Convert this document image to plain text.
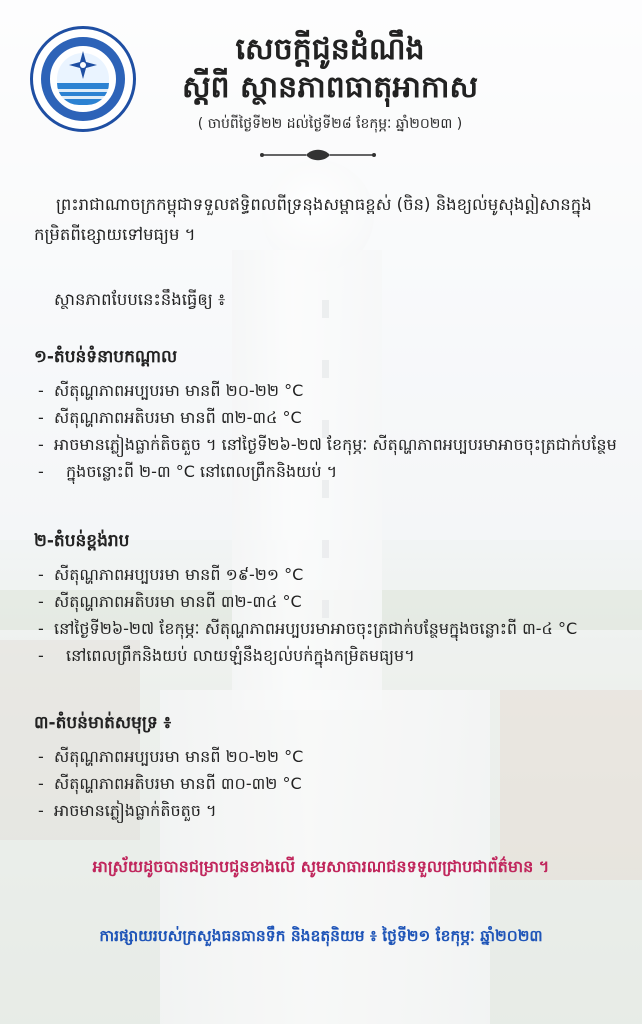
សេចក្តីជូនដំណឹង
ស្តីពី ស្ថានភាពធាតុអាកាស
( ចាប់ពីថ្ងៃទី២២ ដល់ថ្ងៃទី២៨ ខែកុម្ភៈ ឆ្នាំ២០២៣ )
ព្រះរាជាណាចក្រកម្ពុជាទទួលឥទ្ធិពលពីទ្រនុងសម្ពាធខ្ពស់ (ចិន) និងខ្យល់មូសុងឦសានក្នុងកម្រិតពីខ្សោយទៅមធ្យម ។
ស្ថានភាពបែបនេះនឹងធ្វើឲ្យ ៖
១-តំបន់ទំនាបកណ្តាល
- សីតុណ្ហភាពអប្បបរមា មានពី ២០-២២ °C
- សីតុណ្ហភាពអតិបរមា មានពី ៣២-៣៤ °C
- អាចមានភ្លៀងធ្លាក់តិចតួច ។ នៅថ្ងៃទី២៦-២៧ ខែកុម្ភៈ សីតុណ្ហភាពអប្បបរមាអាចចុះត្រជាក់បន្ថែម
- ក្នុងចន្លោះពី ២-៣ °C នៅពេលព្រឹកនិងយប់ ។
២-តំបន់ខ្ពង់រាប
- សីតុណ្ហភាពអប្បបរមា មានពី ១៩-២១ °C
- សីតុណ្ហភាពអតិបរមា មានពី ៣២-៣៤ °C
- នៅថ្ងៃទី២៦-២៧ ខែកុម្ភៈ សីតុណ្ហភាពអប្បបរមាអាចចុះត្រជាក់បន្ថែមក្នុងចន្លោះពី ៣-៤ °C
- នៅពេលព្រឹកនិងយប់ លាយឡំនឹងខ្យល់បក់ក្នុងកម្រិតមធ្យម។
៣-តំបន់មាត់សមុទ្រ ៖
- សីតុណ្ហភាពអប្បបរមា មានពី ២០-២២ °C
- សីតុណ្ហភាពអតិបរមា មានពី ៣០-៣២ °C
- អាចមានភ្លៀងធ្លាក់តិចតួច ។
អាស្រ័យដូចបានជម្រាបជូនខាងលើ សូមសាធារណជនទទួលជ្រាបជាព័ត៌មាន ។
ការផ្សាយរបស់ក្រសួងធនធានទឹក និងឧតុនិយម ៖ ថ្ងៃទី២១ ខែកុម្ភៈ ឆ្នាំ២០២៣
